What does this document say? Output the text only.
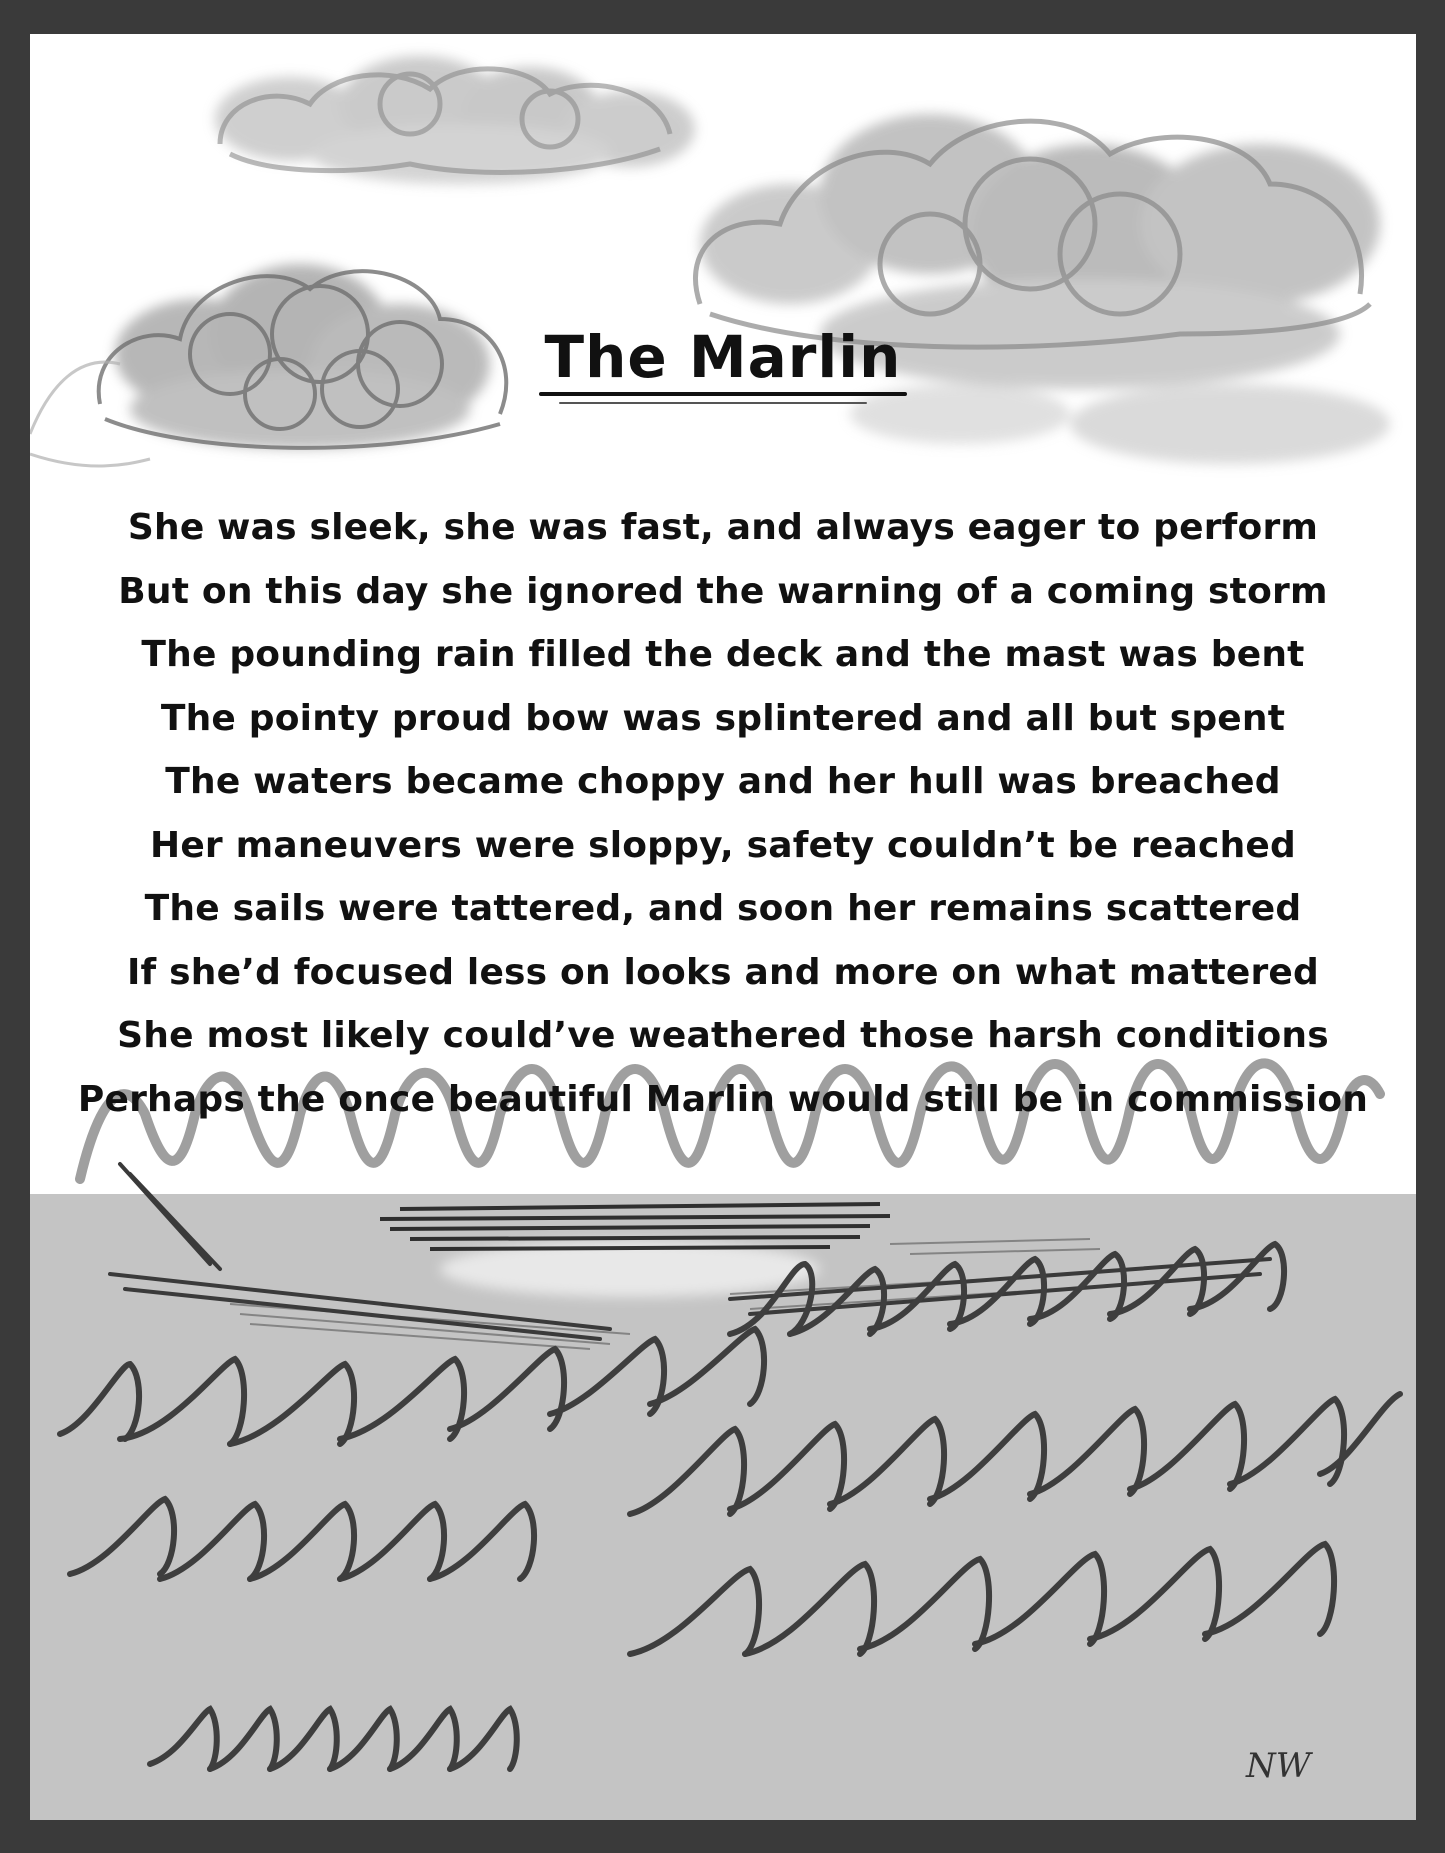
The Marlin
She was sleek, she was fast, and always eager to perform
But on this day she ignored the warning of a coming storm
The pounding rain filled the deck and the mast was bent
The pointy proud bow was splintered and all but spent
The waters became choppy and her hull was breached
Her maneuvers were sloppy, safety couldn’t be reached
The sails were tattered, and soon her remains scattered
If she’d focused less on looks and more on what mattered
She most likely could’ve weathered those harsh conditions
Perhaps the once beautiful Marlin would still be in commission
NW
